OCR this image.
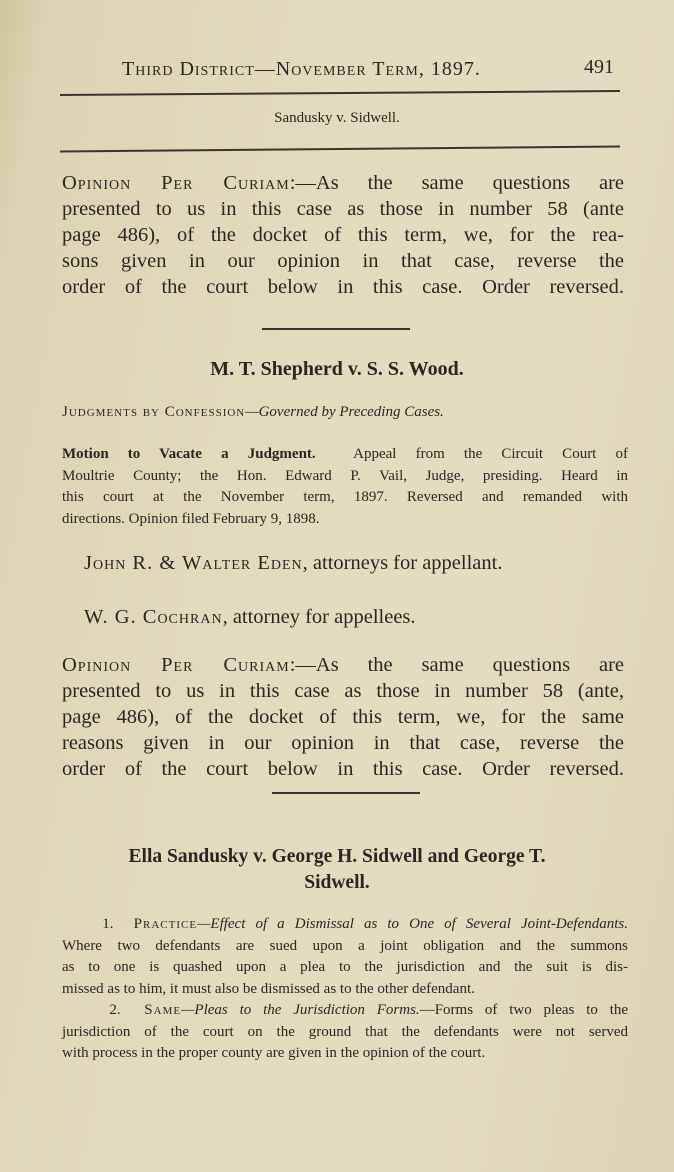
Third District—November Term, 1897.	491
Sandusky v. Sidwell.
Opinion Per Curiam:—As the same questions are
presented to us in this case as those in number 58 (ante
page 486), of the docket of this term, we, for the rea-
sons given in our opinion in that case, reverse the
order of the court below in this case. Order reversed.
M. T. Shepherd v. S. S. Wood.
Judgments by Confession—Governed by Preceding Cases.
Motion to Vacate a Judgment. Appeal from the Circuit Court of
Moultrie County; the Hon. Edward P. Vail, Judge, presiding. Heard in
this court at the November term, 1897. Reversed and remanded with
directions. Opinion filed February 9, 1898.
John R. & Walter Eden, attorneys for appellant.
W. G. Cochran, attorney for appellees.
Opinion Per Curiam:—As the same questions are
presented to us in this case as those in number 58 (ante,
page 486), of the docket of this term, we, for the same
reasons given in our opinion in that case, reverse the
order of the court below in this case. Order reversed.
Ella Sandusky v. George H. Sidwell and George T.
Sidwell.
1. Practice—Effect of a Dismissal as to One of Several Joint-Defendants.
Where two defendants are sued upon a joint obligation and the summons
as to one is quashed upon a plea to the jurisdiction and the suit is dis-
missed as to him, it must also be dismissed as to the other defendant.
2. Same—Pleas to the Jurisdiction Forms.—Forms of two pleas to the
jurisdiction of the court on the ground that the defendants were not served
with process in the proper county are given in the opinion of the court.
